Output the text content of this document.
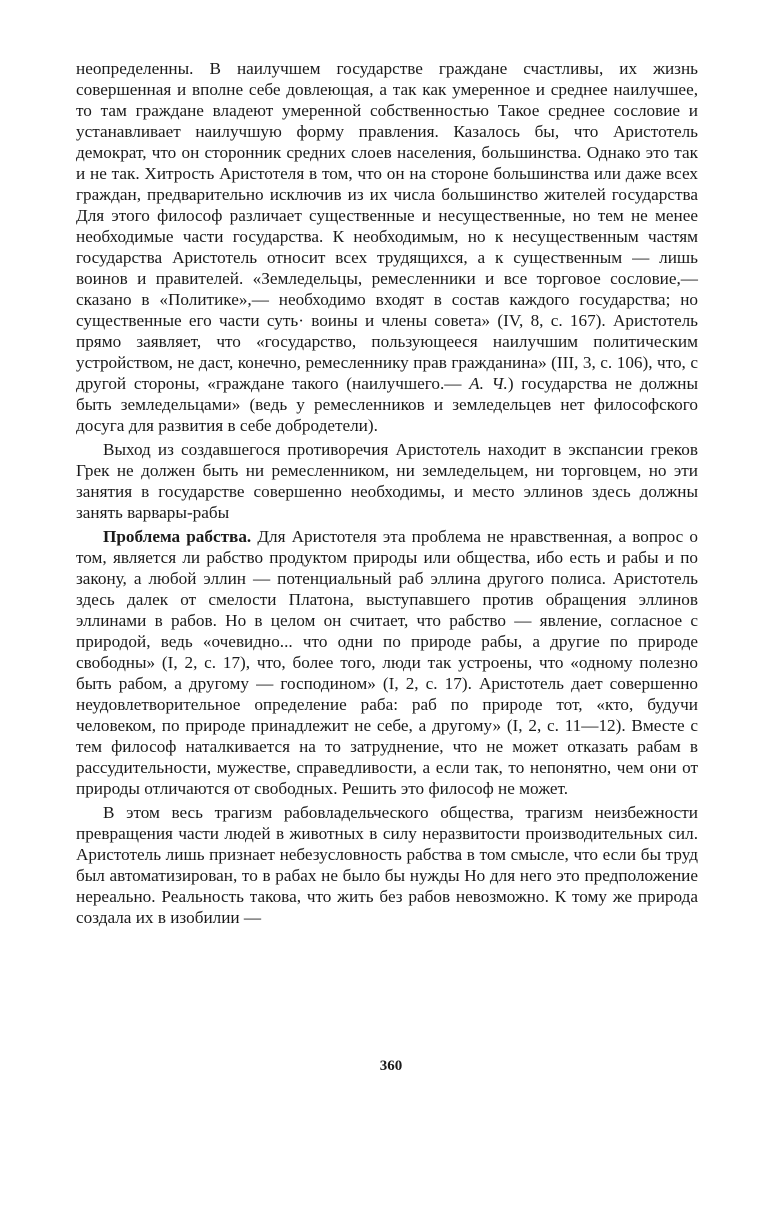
неопределенны. В наилучшем государстве граждане счастливы, их жизнь совершенная и вполне себе довлеющая, а так как умеренное и среднее наилучшее, то там граждане владеют умеренной собственностью Такое среднее сословие и устанавливает наилучшую форму правления. Казалось бы, что Аристотель демократ, что он сторонник средних слоев населения, большинства. Однако это так и не так. Хитрость Аристотеля в том, что он на стороне большинства или даже всех граждан, предварительно исключив из их числа большинство жителей государства Для этого философ различает существенные и несущественные, но тем не менее необходимые части государства. К необходимым, но к несущественным частям государства Аристотель относит всех трудящихся, а к существенным — лишь воинов и правителей. «Земледельцы, ремесленники и все торговое сословие,— сказано в «Политике»,— необходимо входят в состав каждого государства; но существенные его части суть· воины и члены совета» (IV, 8, с. 167). Аристотель прямо заявляет, что «государство, пользующееся наилучшим политическим устройством, не даст, конечно, ремесленнику прав гражданина» (III, 3, с. 106), что, с другой стороны, «граждане такого (наилучшего.— А. Ч.) государства не должны быть земледельцами» (ведь у ремесленников и земледельцев нет философского досуга для развития в себе добродетели).

Выход из создавшегося противоречия Аристотель находит в экспансии греков Грек не должен быть ни ремесленником, ни земледельцем, ни торговцем, но эти занятия в государстве совершенно необходимы, и место эллинов здесь должны занять варвары-рабы

Проблема рабства. Для Аристотеля эта проблема не нравственная, а вопрос о том, является ли рабство продуктом природы или общества, ибо есть и рабы и по закону, а любой эллин — потенциальный раб эллина другого полиса. Аристотель здесь далек от смелости Платона, выступавшего против обращения эллинов эллинами в рабов. Но в целом он считает, что рабство — явление, согласное с природой, ведь «очевидно... что одни по природе рабы, а другие по природе свободны» (I, 2, с. 17), что, более того, люди так устроены, что «одному полезно быть рабом, а другому — господином» (I, 2, с. 17). Аристотель дает совершенно неудовлетворительное определение раба: раб по природе тот, «кто, будучи человеком, по природе принадлежит не себе, а другому» (I, 2, с. 11—12). Вместе с тем философ наталкивается на то затруднение, что не может отказать рабам в рассудительности, мужестве, справедливости, а если так, то непонятно, чем они от природы отличаются от свободных. Решить это философ не может.

В этом весь трагизм рабовладельческого общества, трагизм неизбежности превращения части людей в животных в силу неразвитости производительных сил. Аристотель лишь признает небезусловность рабства в том смысле, что если бы труд был автоматизирован, то в рабах не было бы нужды Но для него это предположение нереально. Реальность такова, что жить без рабов невозможно. К тому же природа создала их в изобилии —

360
